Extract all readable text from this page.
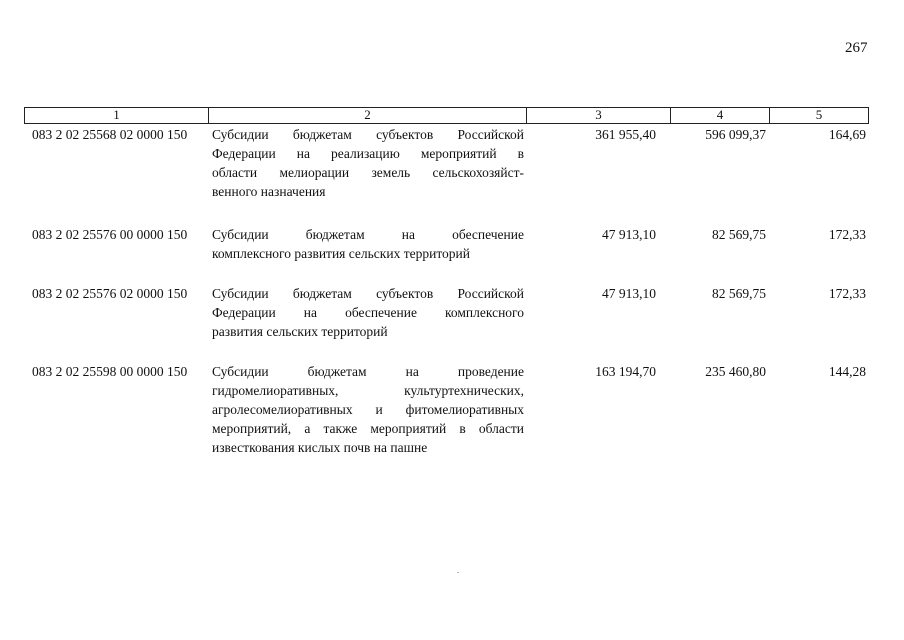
267
1	2	3	4	5
083 2 02 25568 02 0000 150 Субсидии бюджетам субъектов Российской
Федерации на реализацию мероприятий в
области мелиорации земель сельскохозяйст-
венного назначения
361 955,40	596 099,37	164,69
083 2 02 25576 00 0000 150 Субсидии бюджетам на обеспечение
комплексного развития сельских территорий
47 913,10	82 569,75	172,33
083 2 02 25576 02 0000 150 Субсидии бюджетам субъектов Российской
Федерации на обеспечение комплексного
развития сельских территорий
47 913,10	82 569,75	172,33
083 2 02 25598 00 0000 150 Субсидии бюджетам на проведение
гидромелиоративных, культуртехнических,
агролесомелиоративных и фитомелиоративных
мероприятий, а также мероприятий в области
известкования кислых почв на пашне
163 194,70	235 460,80	144,28
